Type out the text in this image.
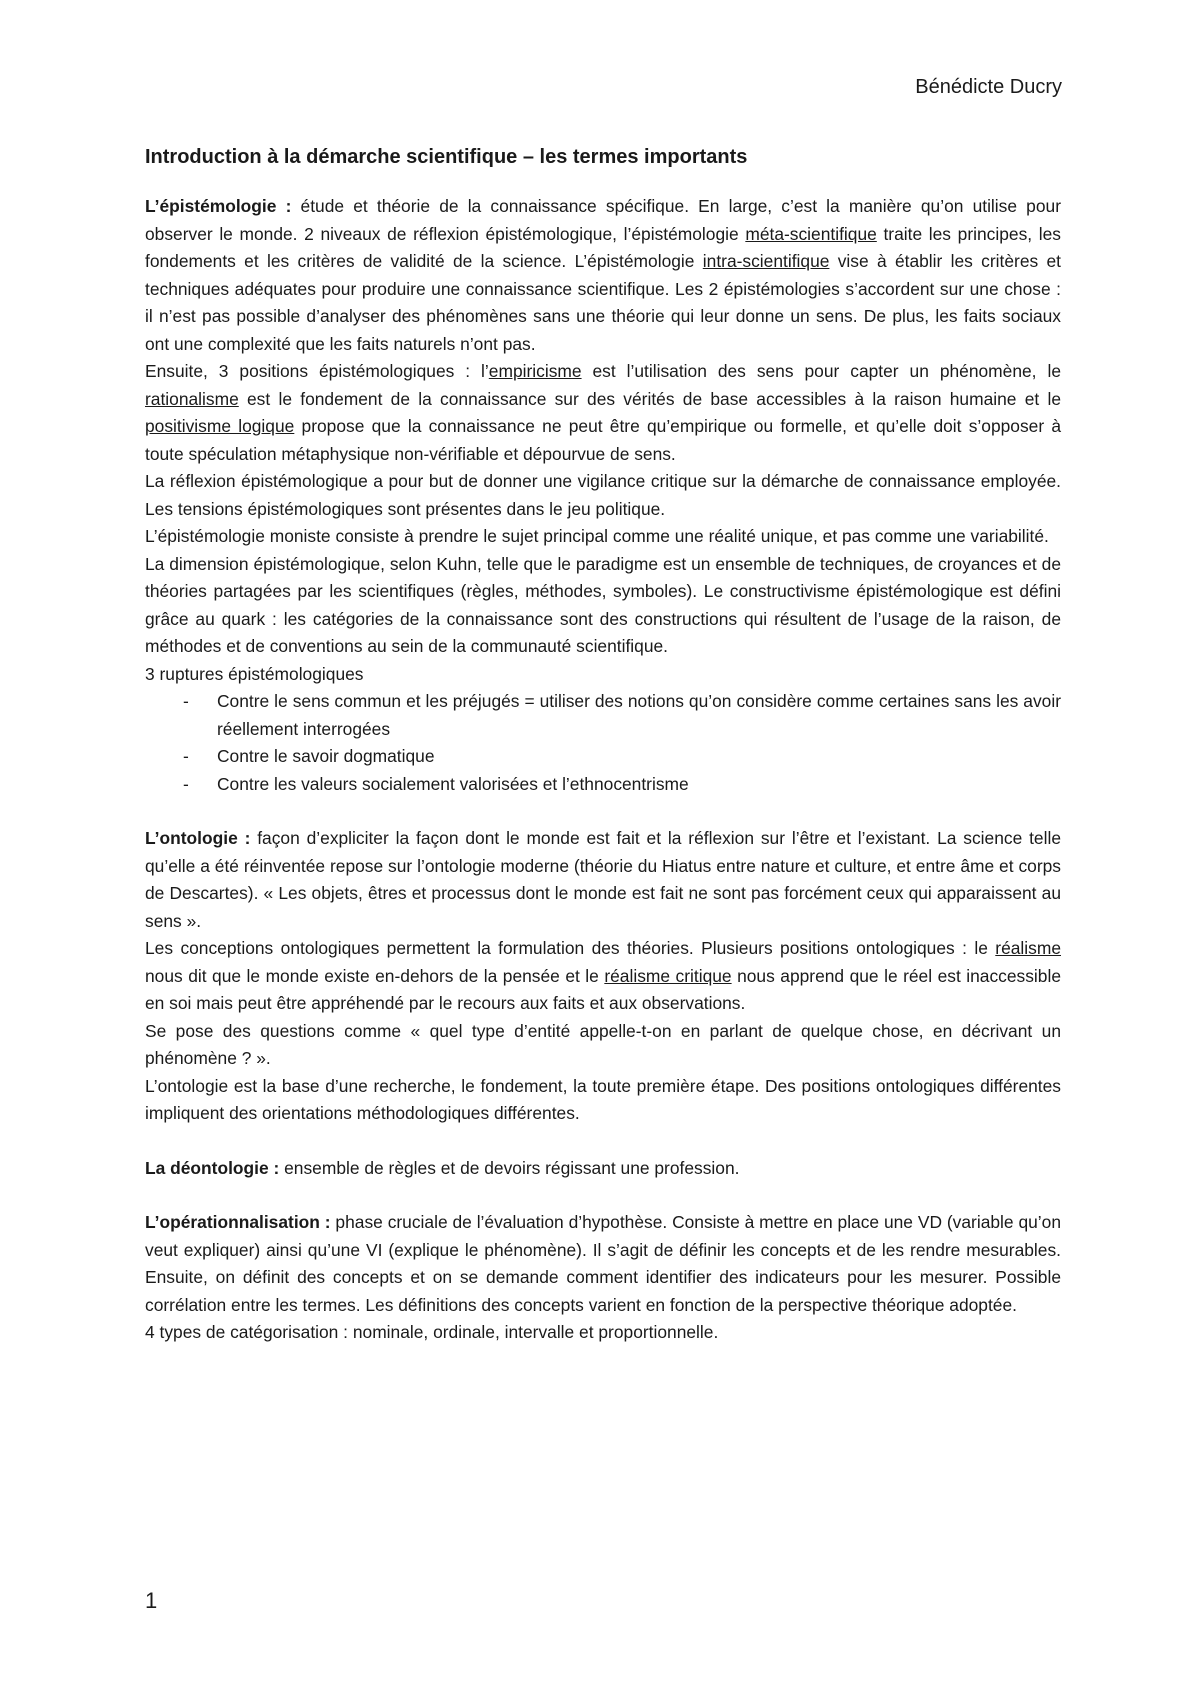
Bénédicte Ducry
Introduction à la démarche scientifique – les termes importants

L’épistémologie : étude et théorie de la connaissance spécifique. En large, c’est la manière qu’on utilise pour observer le monde. 2 niveaux de réflexion épistémologique, l’épistémologie méta-scientifique traite les principes, les fondements et les critères de validité de la science. L’épistémologie intra-scientifique vise à établir les critères et techniques adéquates pour produire une connaissance scientifique. Les 2 épistémologies s’accordent sur une chose : il n’est pas possible d’analyser des phénomènes sans une théorie qui leur donne un sens. De plus, les faits sociaux ont une complexité que les faits naturels n’ont pas.

Ensuite, 3 positions épistémologiques : l’empiricisme est l’utilisation des sens pour capter un phénomène, le rationalisme est le fondement de la connaissance sur des vérités de base accessibles à la raison humaine et le positivisme logique propose que la connaissance ne peut être qu’empirique ou formelle, et qu’elle doit s’opposer à toute spéculation métaphysique non-vérifiable et dépourvue de sens.

La réflexion épistémologique a pour but de donner une vigilance critique sur la démarche de connaissance employée. Les tensions épistémologiques sont présentes dans le jeu politique.

L’épistémologie moniste consiste à prendre le sujet principal comme une réalité unique, et pas comme une variabilité.

La dimension épistémologique, selon Kuhn, telle que le paradigme est un ensemble de techniques, de croyances et de théories partagées par les scientifiques (règles, méthodes, symboles). Le constructivisme épistémologique est défini grâce au quark : les catégories de la connaissance sont des constructions qui résultent de l’usage de la raison, de méthodes et de conventions au sein de la communauté scientifique.

3 ruptures épistémologiques

- Contre le sens commun et les préjugés = utiliser des notions qu’on considère comme certaines sans les avoir réellement interrogées
- Contre le savoir dogmatique
- Contre les valeurs socialement valorisées et l’ethnocentrisme

L’ontologie : façon d’expliciter la façon dont le monde est fait et la réflexion sur l’être et l’existant. La science telle qu’elle a été réinventée repose sur l’ontologie moderne (théorie du Hiatus entre nature et culture, et entre âme et corps de Descartes). « Les objets, êtres et processus dont le monde est fait ne sont pas forcément ceux qui apparaissent au sens ».

Les conceptions ontologiques permettent la formulation des théories. Plusieurs positions ontologiques : le réalisme nous dit que le monde existe en-dehors de la pensée et le réalisme critique nous apprend que le réel est inaccessible en soi mais peut être appréhendé par le recours aux faits et aux observations.

Se pose des questions comme « quel type d’entité appelle-t-on en parlant de quelque chose, en décrivant un phénomène ? ».

L’ontologie est la base d’une recherche, le fondement, la toute première étape. Des positions ontologiques différentes impliquent des orientations méthodologiques différentes.

La déontologie : ensemble de règles et de devoirs régissant une profession.

L’opérationnalisation : phase cruciale de l’évaluation d’hypothèse. Consiste à mettre en place une VD (variable qu’on veut expliquer) ainsi qu’une VI (explique le phénomène). Il s’agit de définir les concepts et de les rendre mesurables. Ensuite, on définit des concepts et on se demande comment identifier des indicateurs pour les mesurer. Possible corrélation entre les termes. Les définitions des concepts varient en fonction de la perspective théorique adoptée.

4 types de catégorisation : nominale, ordinale, intervalle et proportionnelle.

1
